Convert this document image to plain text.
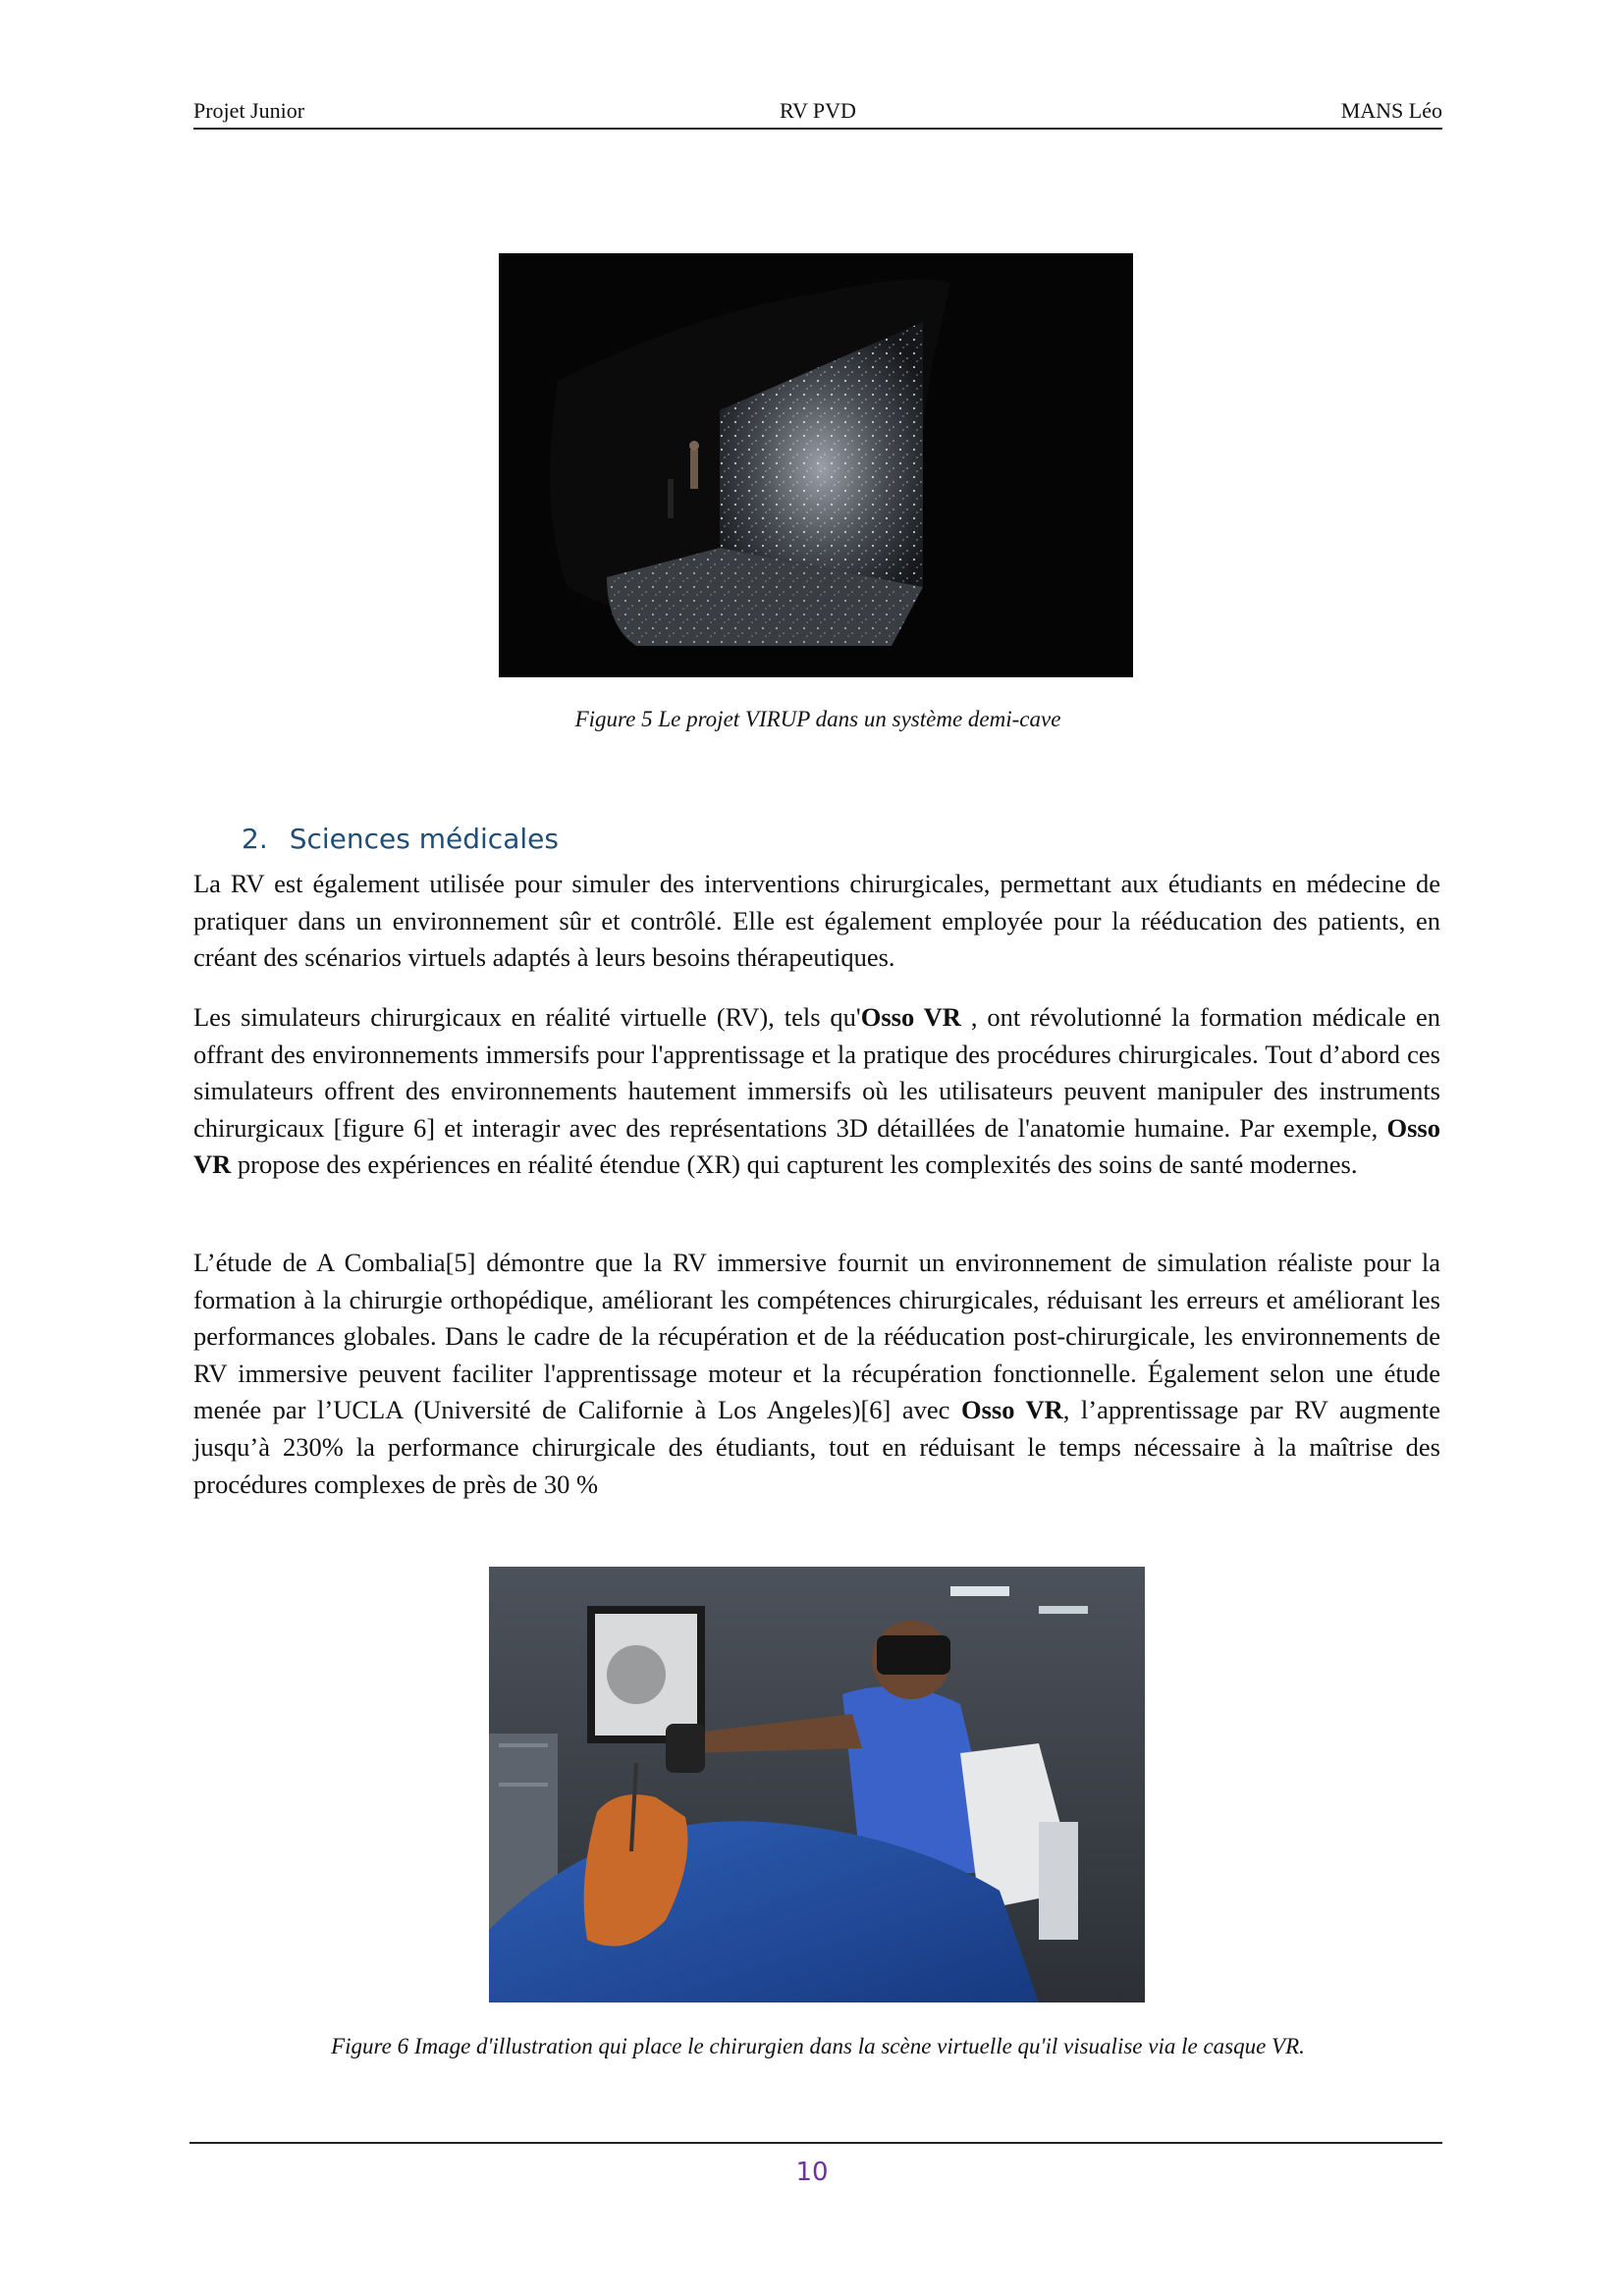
Projet Junior	RV PVD	MANS Léo
Figure 5 Le projet VIRUP dans un système demi-cave
2. Sciences médicales

La RV est également utilisée pour simuler des interventions chirurgicales, permettant aux étudiants en médecine de pratiquer dans un environnement sûr et contrôlé. Elle est également employée pour la rééducation des patients, en créant des scénarios virtuels adaptés à leurs besoins thérapeutiques.

Les simulateurs chirurgicaux en réalité virtuelle (RV), tels qu'Osso VR , ont révolutionné la formation médicale en offrant des environnements immersifs pour l'apprentissage et la pratique des procédures chirurgicales. Tout d’abord ces simulateurs offrent des environnements hautement immersifs où les utilisateurs peuvent manipuler des instruments chirurgicaux [figure 6] et interagir avec des représentations 3D détaillées de l'anatomie humaine. Par exemple, Osso VR propose des expériences en réalité étendue (XR) qui capturent les complexités des soins de santé modernes.

L’étude de A Combalia[5] démontre que la RV immersive fournit un environnement de simulation réaliste pour la formation à la chirurgie orthopédique, améliorant les compétences chirurgicales, réduisant les erreurs et améliorant les performances globales. Dans le cadre de la récupération et de la rééducation post-chirurgicale, les environnements de RV immersive peuvent faciliter l'apprentissage moteur et la récupération fonctionnelle. Également selon une étude menée par l’UCLA (Université de Californie à Los Angeles)[6] avec Osso VR, l’apprentissage par RV augmente jusqu’à 230% la performance chirurgicale des étudiants, tout en réduisant le temps nécessaire à la maîtrise des procédures complexes de près de 30 %

Figure 6 Image d'illustration qui place le chirurgien dans la scène virtuelle qu'il visualise via le casque VR.
10
